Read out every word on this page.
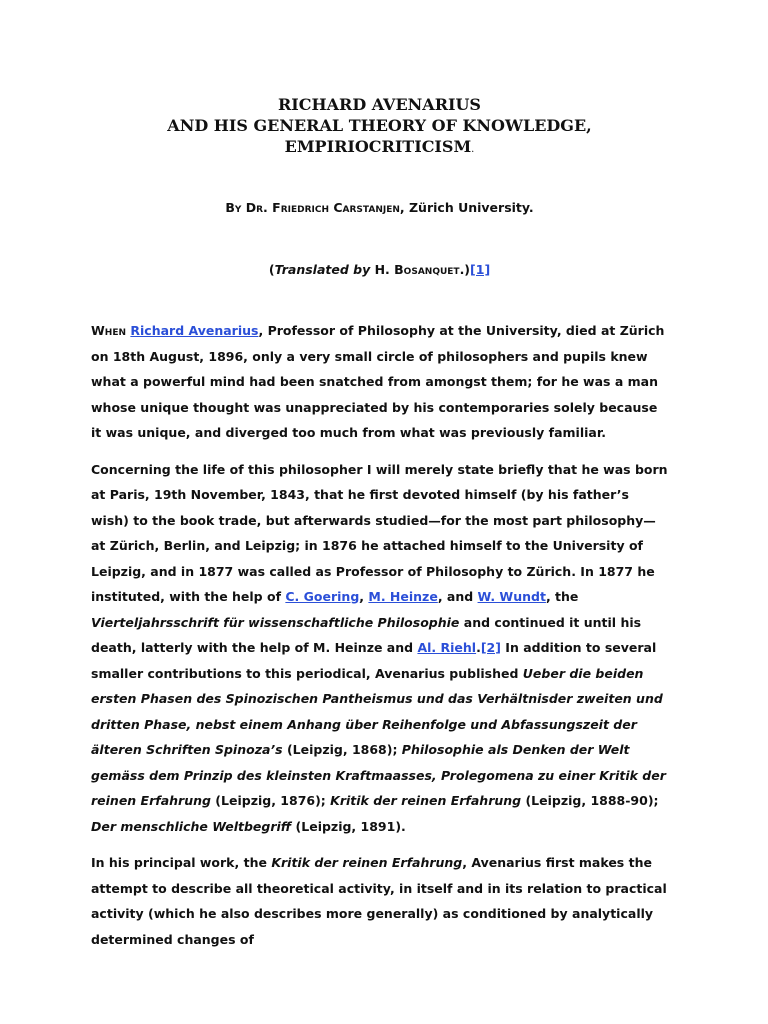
RICHARD AVENARIUS
AND HIS GENERAL THEORY OF KNOWLEDGE,
EMPIRIOCRITICISM.
By Dr. Friedrich Carstanjen, Zürich University.
(Translated by H. Bosanquet.)[1]

When Richard Avenarius, Professor of Philosophy at the University, died at Zürich on 18th August, 1896, only a very small circle of philosophers and pupils knew what a powerful mind had been snatched from amongst them; for he was a man whose unique thought was unappreciated by his contemporaries solely because it was unique, and diverged too much from what was previously familiar.

Concerning the life of this philosopher I will merely state briefly that he was born at Paris, 19th November, 1843, that he first devoted himself (by his father’s wish) to the book trade, but afterwards studied—for the most part philosophy—at Zürich, Berlin, and Leipzig; in 1876 he attached himself to the University of Leipzig, and in 1877 was called as Professor of Philosophy to Zürich. In 1877 he instituted, with the help of C. Goering, M. Heinze, and W. Wundt, the Vierteljahrsschrift für wissenschaftliche Philosophie and continued it until his death, latterly with the help of M. Heinze and Al. Riehl.[2] In addition to several smaller contributions to this periodical, Avenarius published Ueber die beiden ersten Phasen des Spinozischen Pantheismus und das Verhältnisder zweiten und dritten Phase, nebst einem Anhang über Reihenfolge und Abfassungszeit der älteren Schriften Spinoza’s (Leipzig, 1868); Philosophie als Denken der Welt gemäss dem Prinzip des kleinsten Kraftmaasses, Prolegomena zu einer Kritik der reinen Erfahrung (Leipzig, 1876); Kritik der reinen Erfahrung (Leipzig, 1888-90); Der menschliche Weltbegriff (Leipzig, 1891).

In his principal work, the Kritik der reinen Erfahrung, Avenarius first makes the attempt to describe all theoretical activity, in itself and in its relation to practical activity (which he also describes more generally) as conditioned by analytically determined changes of
